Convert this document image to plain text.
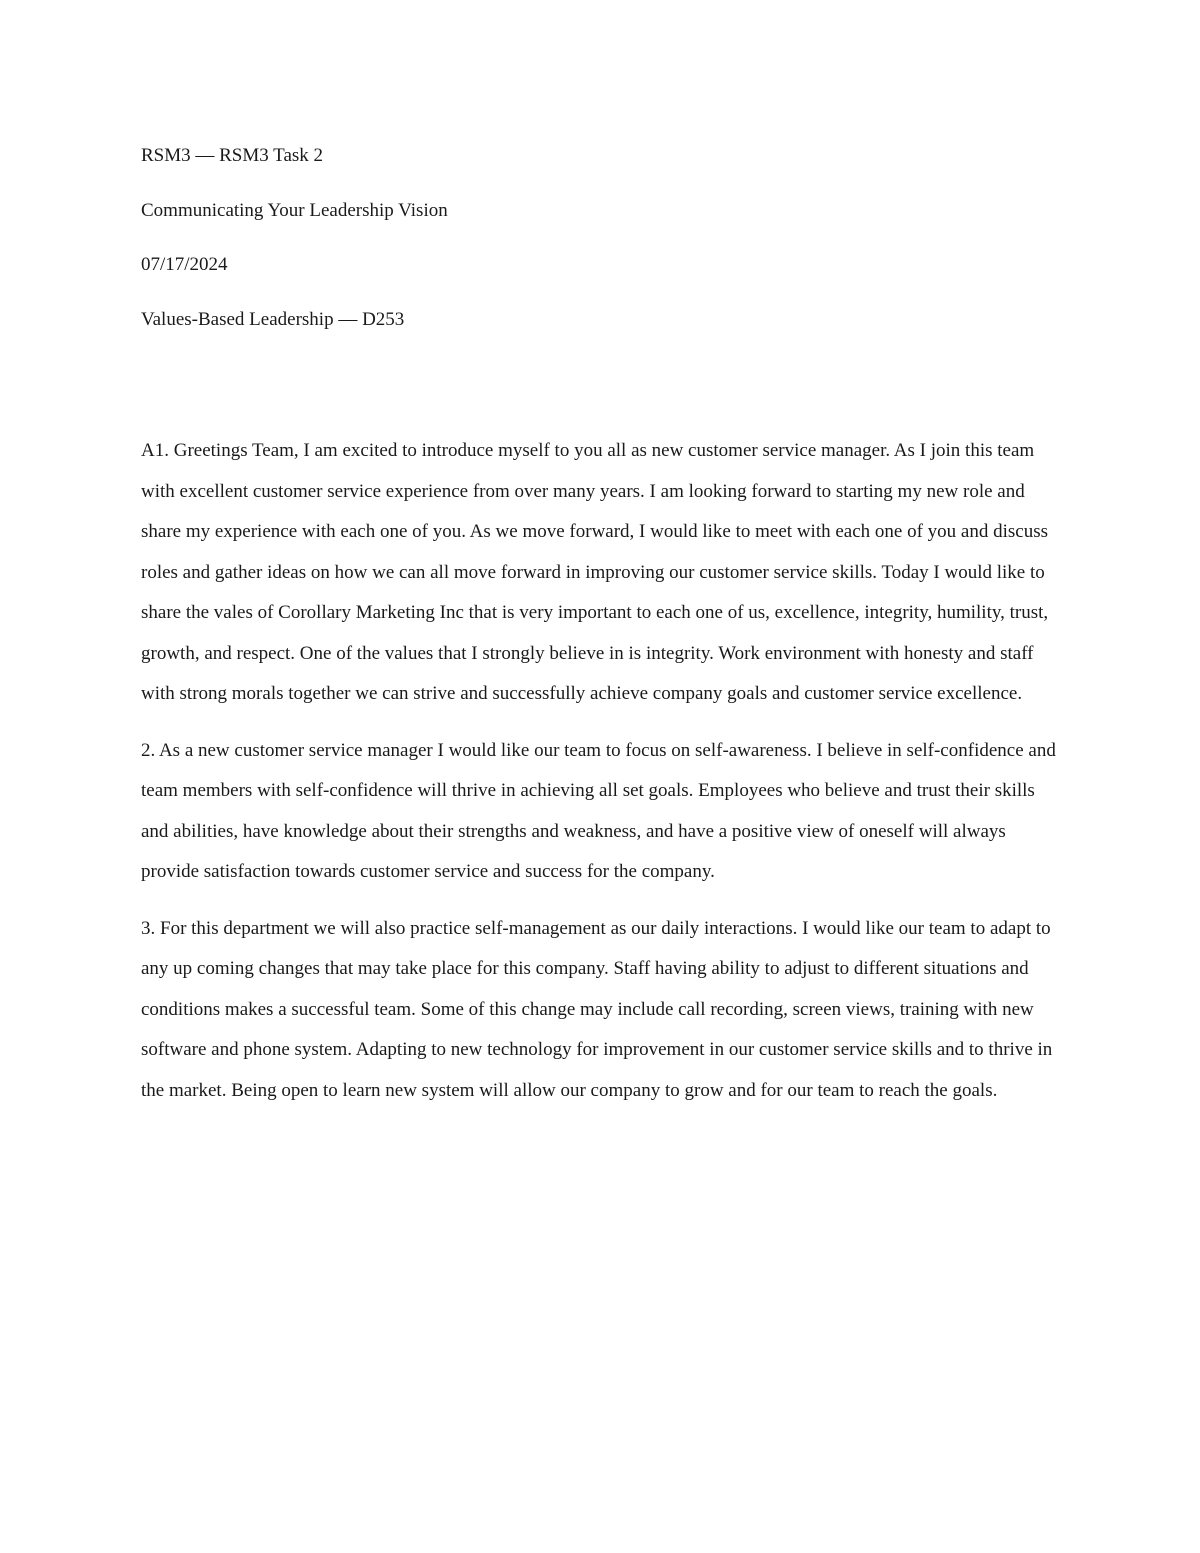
RSM3 — RSM3 Task 2

Communicating Your Leadership Vision

07/17/2024

Values-Based Leadership — D253

A1. Greetings Team, I am excited to introduce myself to you all as new customer service manager. As I join this team with excellent customer service experience from over many years. I am looking forward to starting my new role and share my experience with each one of you. As we move forward, I would like to meet with each one of you and discuss roles and gather ideas on how we can all move forward in improving our customer service skills. Today I would like to share the vales of Corollary Marketing Inc that is very important to each one of us, excellence, integrity, humility, trust, growth, and respect. One of the values that I strongly believe in is integrity. Work environment with honesty and staff with strong morals together we can strive and successfully achieve company goals and customer service excellence.

2. As a new customer service manager I would like our team to focus on self-awareness. I believe in self-confidence and team members with self-confidence will thrive in achieving all set goals. Employees who believe and trust their skills and abilities, have knowledge about their strengths and weakness, and have a positive view of oneself will always provide satisfaction towards customer service and success for the company.

3. For this department we will also practice self-management as our daily interactions. I would like our team to adapt to any up coming changes that may take place for this company. Staff having ability to adjust to different situations and conditions makes a successful team. Some of this change may include call recording, screen views, training with new software and phone system. Adapting to new technology for improvement in our customer service skills and to thrive in the market. Being open to learn new system will allow our company to grow and for our team to reach the goals.
